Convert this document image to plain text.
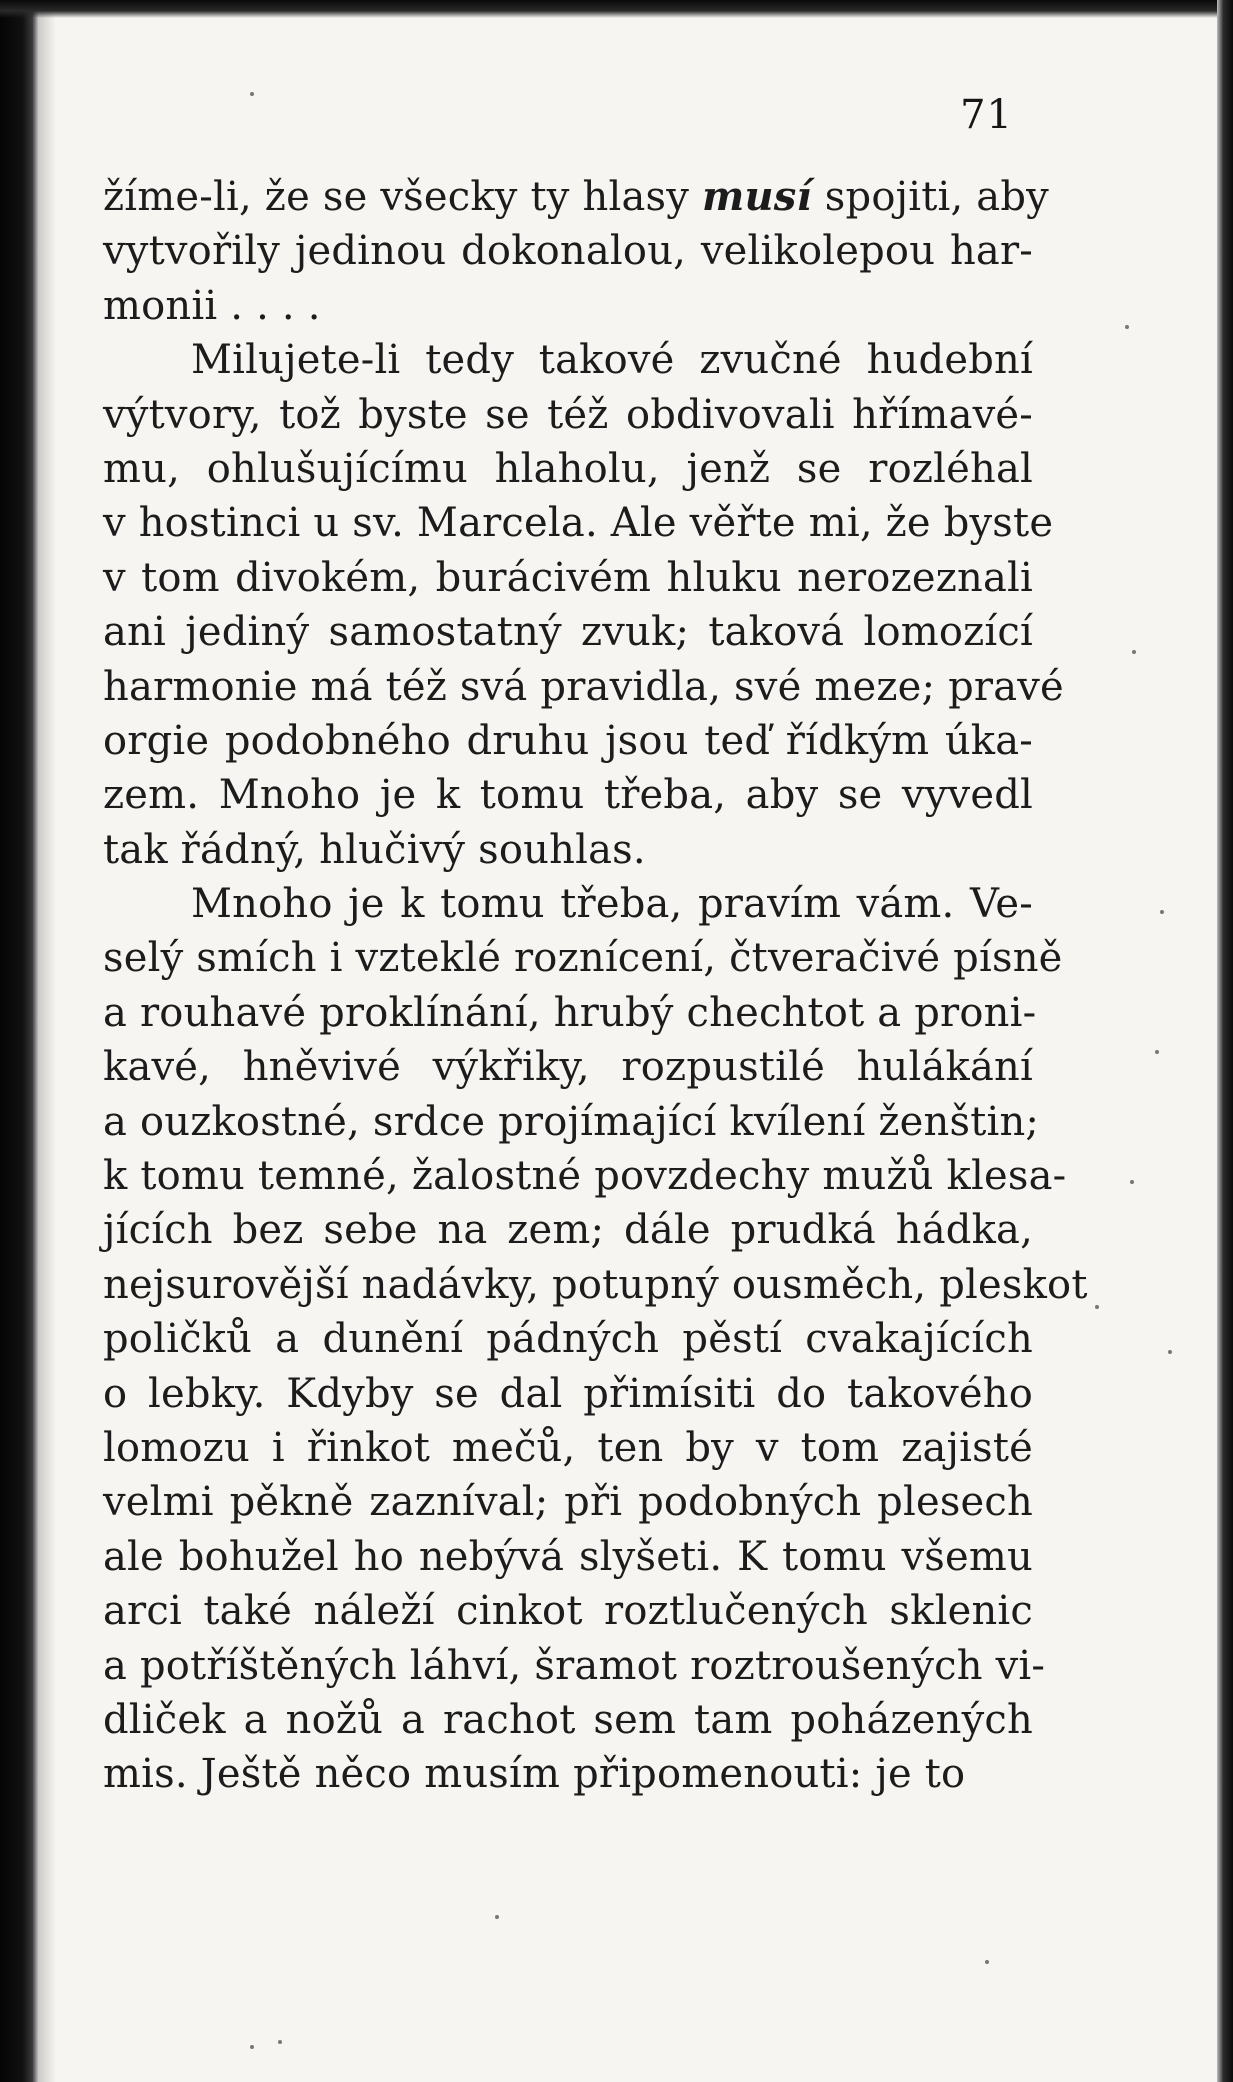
71
žíme-li, že se všecky ty hlasy musí spojiti, aby
vytvořily jedinou dokonalou, velikolepou har-
monii . . . .
Milujete-li tedy takové zvučné hudební
výtvory, tož byste se též obdivovali hřímavé-
mu, ohlušujícímu hlaholu, jenž se rozléhal
v hostinci u sv. Marcela. Ale věřte mi, že byste
v tom divokém, burácivém hluku nerozeznali
ani jediný samostatný zvuk; taková lomozící
harmonie má též svá pravidla, své meze; pravé
orgie podobného druhu jsou teď řídkým úka-
zem. Mnoho je k tomu třeba, aby se vyvedl
tak řádný, hlučivý souhlas.
Mnoho je k tomu třeba, pravím vám. Ve-
selý smích i vzteklé roznícení, čtveračivé písně
a rouhavé proklínání, hrubý chechtot a proni-
kavé, hněvivé výkřiky, rozpustilé hulákání
a ouzkostné, srdce projímající kvílení ženštin;
k tomu temné, žalostné povzdechy mužů klesa-
jících bez sebe na zem; dále prudká hádka,
nejsurovější nadávky, potupný ousměch, pleskot
poličků a dunění pádných pěstí cvakajících
o lebky. Kdyby se dal přimísiti do takového
lomozu i řinkot mečů, ten by v tom zajisté
velmi pěkně zazníval; při podobných plesech
ale bohužel ho nebývá slyšeti. K tomu všemu
arci také náleží cinkot roztlučených sklenic
a potříštěných láhví, šramot roztroušených vi-
dliček a nožů a rachot sem tam poházených
mis. Ještě něco musím připomenouti: je to
